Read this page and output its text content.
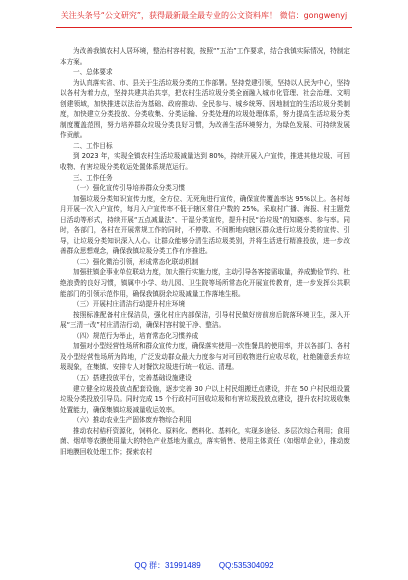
关注头条号“公文研究”，获得最新最全最专业的公文资料库！ 微信：gongwenyj

为改善我镇农村人居环境，整治村容村貌，按照“”五治”工作要求，结合我镇实际情况，特制定本方案。

一、总体要求

为认真落实省、市、县关于生活垃圾分类的工作部署。坚持党建引领，坚持以人民为中心，坚持以各村为着力点，坚持共建共治共享，把农村生活垃圾分类全面融入城市化管理、社会治理、文明创建领域，加快推进以法治为基础、政府推动、全民参与、城乡统筹、因地制宜的生活垃圾分类制度，加快建立分类投放、分类收集、分类运输、分类处理的垃圾处理体系，努力提高生活垃圾分类制度覆盖范围，努力培养群众垃圾分类良好习惯，为改善生活环境努力，为绿色发展、可持续发展作贡献。

二、工作目标

到 2023 年，实现全镇农村生活垃圾减量达到 80%，持续开展入户宣传，推进其他垃圾、可回收物、有害垃圾分类收运处置体系规范运行。

三、工作任务

（一）强化宣传引导培养群众分类习惯

加强垃圾分类知识宣传力度，全方位、无死角进行宣传，确保宣传覆盖率达 95%以上。各村每月开展一次入户宣传，每月入户宣传率不低于辖区常住户数的 25%。采取村广播、海报、村主题党日活动等形式，持续开展“五点减量法”、干湿分类宣传，提升村民“治垃圾”的知晓率、参与率。同时，各部门，各村在开展常规工作的同时，不停歇、不间断地向辖区群众进行垃圾分类的宣传、引导，让垃圾分类知识深入人心。让群众能够分清生活垃圾类别，并将生活进行精准投放，进一步改善群众思想观念，确保我镇垃圾分类工作有序推进。

（二）强化微治引领，形成常态化联动机制

加强驻镇企事业单位联动力度，加大推行实施力度，主动引导各客接需取量，养成勤俭节约、杜绝浪费的良好习惯，镇属中小学、幼儿园、卫生院等场所常态化开展宣传教育，进一步发挥公共职能部门的引领示范作用，确保我镇厨余垃圾减量工作落地生根。

（三）开展村庄清洁行动提升村庄环境

按照标准配备村庄保洁员，强化村庄内部保洁，引导村民做好房前房后院落环境卫生，深入开展“三清一改”村庄清洁行动，确保村容村貌干净、整洁。

（四）规范行为举止，培育常态化习惯养成

加强对小型经营性场所和群众宣传力度，确保落实使用一次性餐具的使用率，并以各部门、各村及小型经营性场所为阵地，广泛发动群众最大力度参与对可回收物进行应收尽收，杜绝随意丢弃垃圾现象，在集镇、安排专人对餐饮垃圾进行统一收运、清理。

（五）搭建投放平台，完善基础设施建设

建立健全垃圾投放点配套设施，逐步完善 30 户以上村民组搬迁点建设，并在 50 户村民组设置垃圾分类投放引导员。同时完成 15 个行政村可回收垃圾和有害垃圾投放点建设，提升农村垃圾收集处置能力，确保集镇垃圾减量收运效率。

（六）推动农业生产固体废弃物综合利用

推动农村秸秆资源化，饲料化、原料化、燃料化、基料化，实现多途径、多层次综合利用；食用菌、烟草等农膜使用量大的特色产业基地为重点，落实销售、使用主体责任（如烟草企业），推动废旧地膜回收处理工作；探索农村

QQ 群：31991489 QQ:535304092
